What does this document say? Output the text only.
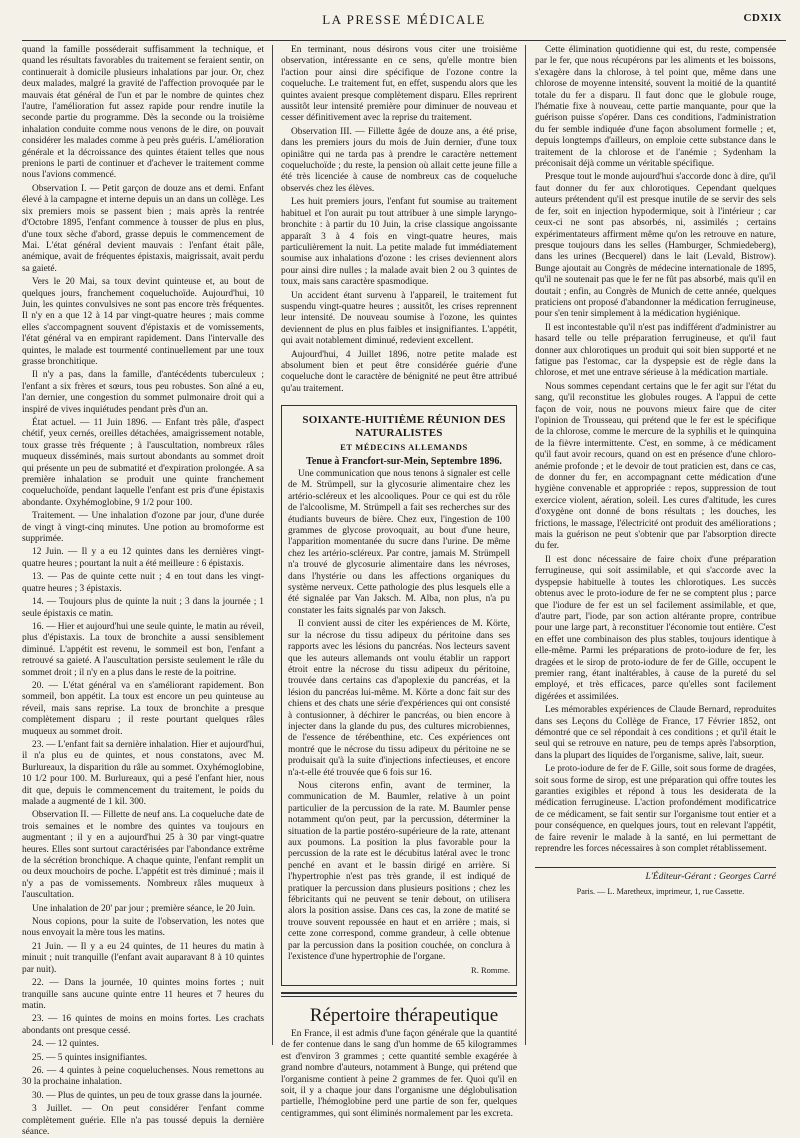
LA PRESSE MÉDICALE	CDXIX

quand la famille posséderait suffisamment la technique, et quand les résultats favorables du traitement se feraient sentir, on continuerait à domicile plusieurs inhalations par jour. Or, chez deux malades, malgré la gravité de l'affection provoquée par le mauvais état général de l'un et par le nombre de quintes chez l'autre, l'amélioration fut assez rapide pour rendre inutile la seconde partie du programme. Dès la seconde ou la troisième inhalation conduite comme nous venons de le dire, on pouvait considérer les malades comme à peu près guéris. L'amélioration générale et la décroissance des quintes étaient telles que nous prenions le parti de continuer et d'achever le traitement comme nous l'avions commencé.

Observation I. — Petit garçon de douze ans et demi. Enfant élevé à la campagne et interne depuis un an dans un collège. Les six premiers mois se passent bien ; mais après la rentrée d'Octobre 1895, l'enfant commence à tousser de plus en plus, d'une toux sèche d'abord, grasse depuis le commencement de Mai. L'état général devient mauvais : l'enfant était pâle, anémique, avait de fréquentes épistaxis, maigrissait, avait perdu sa gaieté.

Vers le 20 Mai, sa toux devint quinteuse et, au bout de quelques jours, franchement coqueluchoïde. Aujourd'hui, 10 Juin, les quintes convulsives ne sont pas encore très fréquentes. Il n'y en a que 12 à 14 par vingt-quatre heures ; mais comme elles s'accompagnent souvent d'épistaxis et de vomissements, l'état général va en empirant rapidement. Dans l'intervalle des quintes, le malade est tourmenté continuellement par une toux grasse bronchitique.

Il n'y a pas, dans la famille, d'antécédents tuberculeux ; l'enfant a six frères et sœurs, tous peu robustes. Son aîné a eu, l'an dernier, une congestion du sommet pulmonaire droit qui a inspiré de vives inquiétudes pendant près d'un an.

État actuel. — 11 Juin 1896. — Enfant très pâle, d'aspect chétif, yeux cernés, oreilles détachées, amaigrissement notable, toux grasse très fréquente ; à l'auscultation, nombreux râles muqueux disséminés, mais surtout abondants au sommet droit qui présente un peu de submatité et d'expiration prolongée. A sa première inhalation se produit une quinte franchement coqueluchoïde, pendant laquelle l'enfant est pris d'une épistaxis abondante. Oxyhémoglobine, 9 1/2 pour 100.

Traitement. — Une inhalation d'ozone par jour, d'une durée de vingt à vingt-cinq minutes. Une potion au bromoforme est supprimée.

12 Juin. — Il y a eu 12 quintes dans les dernières vingt-quatre heures ; pourtant la nuit a été meilleure : 6 épistaxis.

13. — Pas de quinte cette nuit ; 4 en tout dans les vingt-quatre heures ; 3 épistaxis.

14. — Toujours plus de quinte la nuit ; 3 dans la journée ; 1 seule épistaxis ce matin.

16. — Hier et aujourd'hui une seule quinte, le matin au réveil, plus d'épistaxis. La toux de bronchite a aussi sensiblement diminué. L'appétit est revenu, le sommeil est bon, l'enfant a retrouvé sa gaieté. A l'auscultation persiste seulement le râle du sommet droit ; il n'y en a plus dans le reste de la poitrine.

20. — L'état général va en s'améliorant rapidement. Bon sommeil, bon appétit. La toux est encore un peu quinteuse au réveil, mais sans reprise. La toux de bronchite a presque complètement disparu ; il reste pourtant quelques râles muqueux au sommet droit.

23. — L'enfant fait sa dernière inhalation. Hier et aujourd'hui, il n'a plus eu de quintes, et nous constatons, avec M. Burlureaux, la disparition du râle au sommet. Oxyhémoglobine, 10 1/2 pour 100. M. Burlureaux, qui a pesé l'enfant hier, nous dit que, depuis le commencement du traitement, le poids du malade a augmenté de 1 kil. 300.

Observation II. — Fillette de neuf ans. La coqueluche date de trois semaines et le nombre des quintes va toujours en augmentant ; il y en a aujourd'hui 25 à 30 par vingt-quatre heures. Elles sont surtout caractérisées par l'abondance extrême de la sécrétion bronchique. A chaque quinte, l'enfant remplit un ou deux mouchoirs de poche. L'appétit est très diminué ; mais il n'y a pas de vomissements. Nombreux râles muqueux à l'auscultation.

Une inhalation de 20' par jour ; première séance, le 20 Juin.

Nous copions, pour la suite de l'observation, les notes que nous envoyait la mère tous les matins.

21 Juin. — Il y a eu 24 quintes, de 11 heures du matin à minuit ; nuit tranquille (l'enfant avait auparavant 8 à 10 quintes par nuit).

22. — Dans la journée, 10 quintes moins fortes ; nuit tranquille sans aucune quinte entre 11 heures et 7 heures du matin.

23. — 16 quintes de moins en moins fortes. Les crachats abondants ont presque cessé.

24. — 12 quintes.

25. — 5 quintes insignifiantes.

26. — 4 quintes à peine coqueluchenses. Nous remettons au 30 la prochaine inhalation.

30. — Plus de quintes, un peu de toux grasse dans la journée.

3 Juillet. — On peut considérer l'enfant comme complètement guérie. Elle n'a pas toussé depuis la dernière séance.

En terminant, nous désirons vous citer une troisième observation, intéressante en ce sens, qu'elle montre bien l'action pour ainsi dire spécifique de l'ozone contre la coqueluche. Le traitement fut, en effet, suspendu alors que les quintes avaient presque complètement disparu. Elles reprirent aussitôt leur intensité première pour diminuer de nouveau et cesser définitivement avec la reprise du traitement.

Observation III. — Fillette âgée de douze ans, a été prise, dans les premiers jours du mois de Juin dernier, d'une toux opiniâtre qui ne tarda pas à prendre le caractère nettement coqueluchoïde ; du reste, la pension où allait cette jeune fille a été très licenciée à cause de nombreux cas de coqueluche observés chez les élèves.

Les huit premiers jours, l'enfant fut soumise au traitement habituel et l'on aurait pu tout attribuer à une simple laryngo-bronchite : à partir du 10 Juin, la crise classique angoissante apparaît 3 à 4 fois en vingt-quatre heures, mais particulièrement la nuit. La petite malade fut immédiatement soumise aux inhalations d'ozone : les crises deviennent alors pour ainsi dire nulles ; la malade avait bien 2 ou 3 quintes de toux, mais sans caractère spasmodique.

Un accident étant survenu à l'appareil, le traitement fut suspendu vingt-quatre heures ; aussitôt, les crises reprennent leur intensité. De nouveau soumise à l'ozone, les quintes deviennent de plus en plus faibles et insignifiantes. L'appétit, qui avait notablement diminué, redevient excellent.

Aujourd'hui, 4 Juillet 1896, notre petite malade est absolument bien et peut être considérée guérie d'une coqueluche dont le caractère de bénignité ne peut être attribué qu'au traitement.

SOIXANTE-HUITIÈME RÉUNION DES NATURALISTES

ET MÉDECINS ALLEMANDS

Tenue à Francfort-sur-Mein, Septembre 1896.

Une communication que nous tenons à signaler est celle de M. Strümpell, sur la glycosurie alimentaire chez les artério-scléreux et les alcooliques. Pour ce qui est du rôle de l'alcoolisme, M. Strümpell a fait ses recherches sur des étudiants buveurs de bière. Chez eux, l'ingestion de 100 grammes de glycose provoquait, au bout d'une heure, l'apparition momentanée du sucre dans l'urine. De même chez les artério-scléreux. Par contre, jamais M. Strümpell n'a trouvé de glycosurie alimentaire dans les névroses, dans l'hystérie ou dans les affections organiques du système nerveux. Cette pathologie des plus lesquels elle a été signalée par Van Jaksch. M. Alba, non plus, n'a pu constater les faits signalés par von Jaksch.

Il convient aussi de citer les expériences de M. Körte, sur la nécrose du tissu adipeux du péritoine dans ses rapports avec les lésions du pancréas. Nos lecteurs savent que les auteurs allemands ont voulu établir un rapport étroit entre la nécrose du tissu adipeux du péritoine, trouvée dans certains cas d'apoplexie du pancréas, et la lésion du pancréas lui-même. M. Körte a donc fait sur des chiens et des chats une série d'expériences qui ont consisté à contusionner, à déchirer le pancréas, ou bien encore à injecter dans la glande du pus, des cultures microbiennes, de l'essence de térébenthine, etc. Ces expériences ont montré que le nécrose du tissu adipeux du péritoine ne se produisait qu'à la suite d'injections infectieuses, et encore n'a-t-elle été trouvée que 6 fois sur 16.

Nous citerons enfin, avant de terminer, la communication de M. Baumler, relative à un point particulier de la percussion de la rate. M. Baumler pense notamment qu'on peut, par la percussion, déterminer la situation de la partie postéro-supérieure de la rate, attenant aux poumons. La position la plus favorable pour la percussion de la rate est le décubitus latéral avec le tronc penché en avant et le bassin dirigé en arrière. Si l'hypertrophie n'est pas très grande, il est indiqué de pratiquer la percussion dans plusieurs positions ; chez les fébricitants qui ne peuvent se tenir debout, on utilisera alors la position assise. Dans ces cas, la zone de matité se trouve souvent repoussée en haut et en arrière ; mais, si cette zone correspond, comme grandeur, à celle obtenue par la percussion dans la position couchée, on conclura à l'existence d'une hypertrophie de l'organe.

R. Romme.

Répertoire thérapeutique

En France, il est admis d'une façon générale que la quantité de fer contenue dans le sang d'un homme de 65 kilogrammes est d'environ 3 grammes ; cette quantité semble exagérée à grand nombre d'auteurs, notamment à Bunge, qui prétend que l'organisme contient à peine 2 grammes de fer. Quoi qu'il en soit, il y a chaque jour dans l'organisme une déglobulisation partielle, l'hémoglobine perd une partie de son fer, quelques centigrammes, qui sont éliminés normalement par les excreta.

Cette élimination quotidienne qui est, du reste, compensée par le fer, que nous récupérons par les aliments et les boissons, s'exagère dans la chlorose, à tel point que, même dans une chlorose de moyenne intensité, souvent la moitié de la quantité totale du fer a disparu. Il faut donc que le globule rouge, l'hématie fixe à nouveau, cette partie manquante, pour que la guérison puisse s'opérer. Dans ces conditions, l'administration du fer semble indiquée d'une façon absolument formelle ; et, depuis longtemps d'ailleurs, on emploie cette substance dans le traitement de la chlorose et de l'anémie ; Sydenham la préconisait déjà comme un véritable spécifique.

Presque tout le monde aujourd'hui s'accorde donc à dire, qu'il faut donner du fer aux chlorotiques. Cependant quelques auteurs prétendent qu'il est presque inutile de se servir des sels de fer, soit en injection hypodermique, soit à l'intérieur ; car ceux-ci ne sont pas absorbés, ni, assimilés ; certains expérimentateurs affirment même qu'on les retrouve en nature, presque toujours dans les selles (Hamburger, Schmiedeberg), dans les urines (Becquerel) dans le lait (Levald, Bistrow). Bunge ajoutait au Congrès de médecine internationale de 1895, qu'il ne soutenait pas que le fer ne fût pas absorbé, mais qu'il en doutait ; enfin, au Congrès de Munich de cette année, quelques praticiens ont proposé d'abandonner la médication ferrugineuse, pour s'en tenir simplement à la médication hygiénique.

Il est incontestable qu'il n'est pas indifférent d'administrer au hasard telle ou telle préparation ferrugineuse, et qu'il faut donner aux chlorotiques un produit qui soit bien supporté et ne fatigue pas l'estomac, car la dyspepsie est de règle dans la chlorose, et met une entrave sérieuse à la médication martiale.

Nous sommes cependant certains que le fer agit sur l'état du sang, qu'il reconstitue les globules rouges. A l'appui de cette façon de voir, nous ne pouvons mieux faire que de citer l'opinion de Trousseau, qui prétend que le fer est le spécifique de la chlorose, comme le mercure de la syphilis et le quinquina de la fièvre intermittente. C'est, en somme, à ce médicament qu'il faut avoir recours, quand on est en présence d'une chloro-anémie profonde ; et le devoir de tout praticien est, dans ce cas, de donner du fer, en accompagnant cette médication d'une hygiène convenable et appropriée : repos, suppression de tout exercice violent, aération, soleil. Les cures d'altitude, les cures d'oxygène ont donné de bons résultats ; les douches, les frictions, le massage, l'électricité ont produit des améliorations ; mais la guérison ne peut s'obtenir que par l'absorption directe du fer.

Il est donc nécessaire de faire choix d'une préparation ferrugineuse, qui soit assimilable, et qui s'accorde avec la dyspepsie habituelle à toutes les chlorotiques. Les succès obtenus avec le proto-iodure de fer ne se comptent plus ; parce que l'iodure de fer est un sel facilement assimilable, et que, d'autre part, l'iode, par son action altérante propre, contribue pour une large part, à reconstituer l'économie tout entière. C'est en effet une combinaison des plus stables, toujours identique à elle-même. Parmi les préparations de proto-iodure de fer, les dragées et le sirop de proto-iodure de fer de Gille, occupent le premier rang, étant inaltérables, à cause de la pureté du sel employé, et très efficaces, parce qu'elles sont facilement digérées et assimilées.

Les mémorables expériences de Claude Bernard, reproduites dans ses Leçons du Collège de France, 17 Février 1852, ont démontré que ce sel répondait à ces conditions ; et qu'il était le seul qui se retrouve en nature, peu de temps après l'absorption, dans la plupart des liquides de l'organisme, salive, lait, sueur.

Le proto-iodure de fer de F. Gille, soit sous forme de dragées, soit sous forme de sirop, est une préparation qui offre toutes les garanties exigibles et répond à tous les desiderata de la médication ferrugineuse. L'action profondément modificatrice de ce médicament, se fait sentir sur l'organisme tout entier et a pour conséquence, en quelques jours, tout en relevant l'appétit, de faire revenir le malade à la santé, en lui permettant de reprendre les forces nécessaires à son complet rétablissement.

L'Éditeur-Gérant : Georges Carré

Paris. — L. Maretheux, imprimeur, 1, rue Cassette.
